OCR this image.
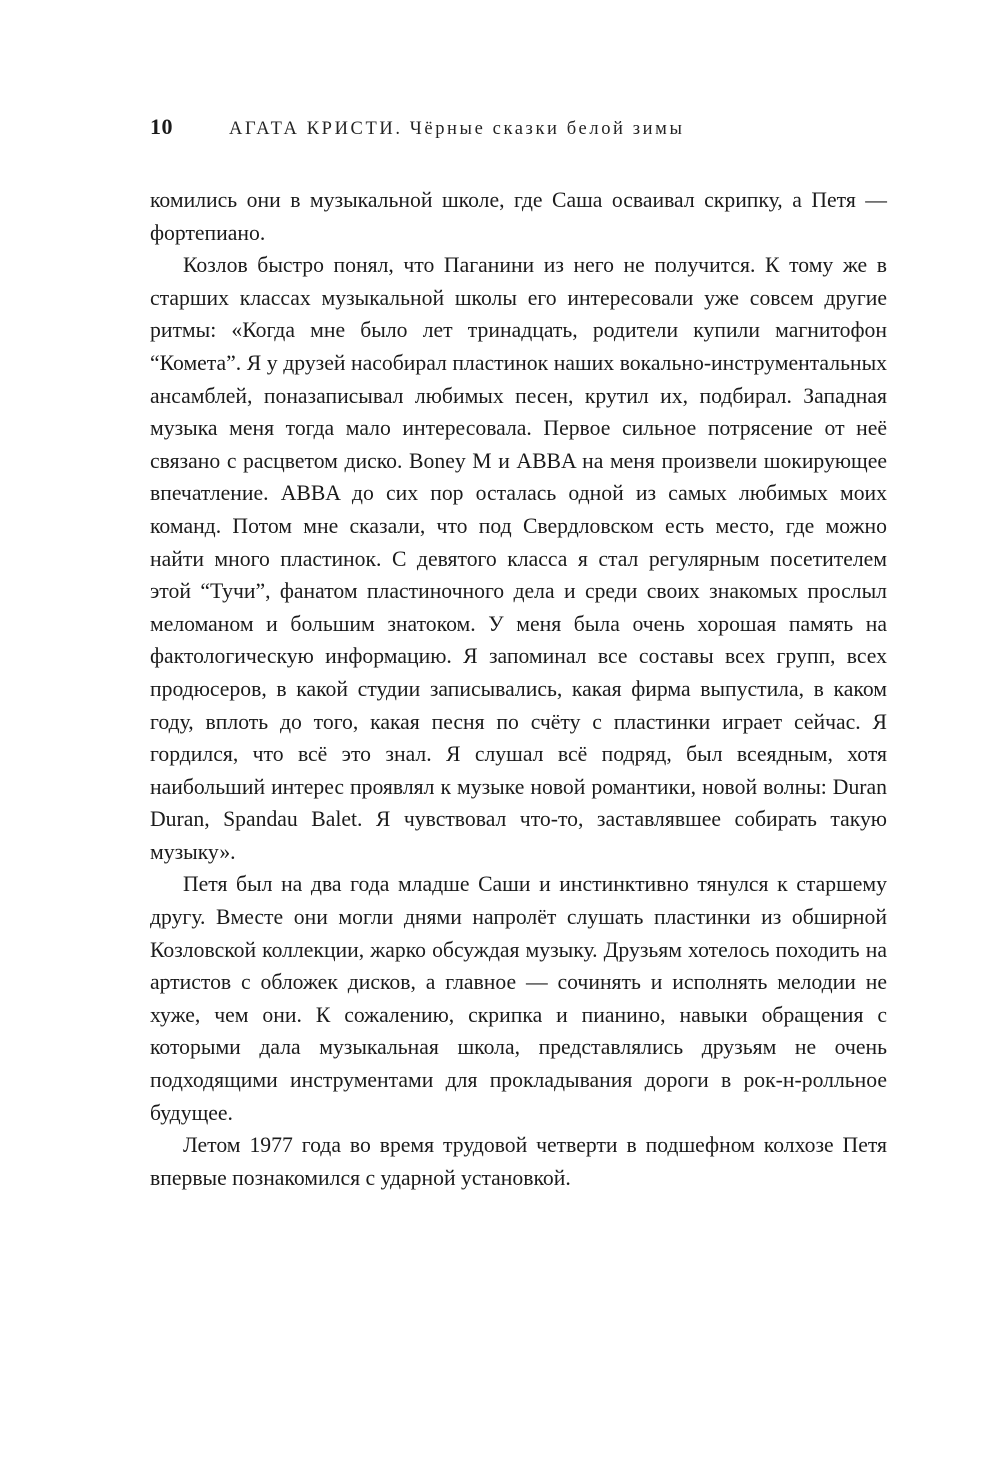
10	АГАТА КРИСТИ. Чёрные сказки белой зимы

комились они в музыкальной школе, где Саша осваивал скрипку, а Петя — фортепиано.

Козлов быстро понял, что Паганини из него не получится. К тому же в старших классах музыкальной школы его интересовали уже совсем другие ритмы: «Когда мне было лет тринадцать, родители купили магнитофон “Комета”. Я у друзей насобирал пластинок наших вокально-инструментальных ансамблей, поназаписывал любимых песен, крутил их, подбирал. Западная музыка меня тогда мало интересовала. Первое сильное потрясение от неё связано с расцветом диско. Boney M и ABBA на меня произвели шокирующее впечатление. ABBA до сих пор осталась одной из самых любимых моих команд. Потом мне сказали, что под Свердловском есть место, где можно найти много пластинок. С девятого класса я стал регулярным посетителем этой “Тучи”, фанатом пластиночного дела и среди своих знакомых прослыл меломаном и большим знатоком. У меня была очень хорошая память на фактологическую информацию. Я запоминал все составы всех групп, всех продюсеров, в какой студии записывались, какая фирма выпустила, в каком году, вплоть до того, какая песня по счёту с пластинки играет сейчас. Я гордился, что всё это знал. Я слушал всё подряд, был всеядным, хотя наибольший интерес проявлял к музыке новой романтики, новой волны: Duran Duran, Spandau Balet. Я чувствовал что-то, заставлявшее собирать такую музыку».

Петя был на два года младше Саши и инстинктивно тянулся к старшему другу. Вместе они могли днями напролёт слушать пластинки из обширной Козловской коллекции, жарко обсуждая музыку. Друзьям хотелось походить на артистов с обложек дисков, а главное — сочинять и исполнять мелодии не хуже, чем они. К сожалению, скрипка и пианино, навыки обращения с которыми дала музыкальная школа, представлялись друзьям не очень подходящими инструментами для прокладывания дороги в рок-н-ролльное будущее.

Летом 1977 года во время трудовой четверти в подшефном колхозе Петя впервые познакомился с ударной установкой.
